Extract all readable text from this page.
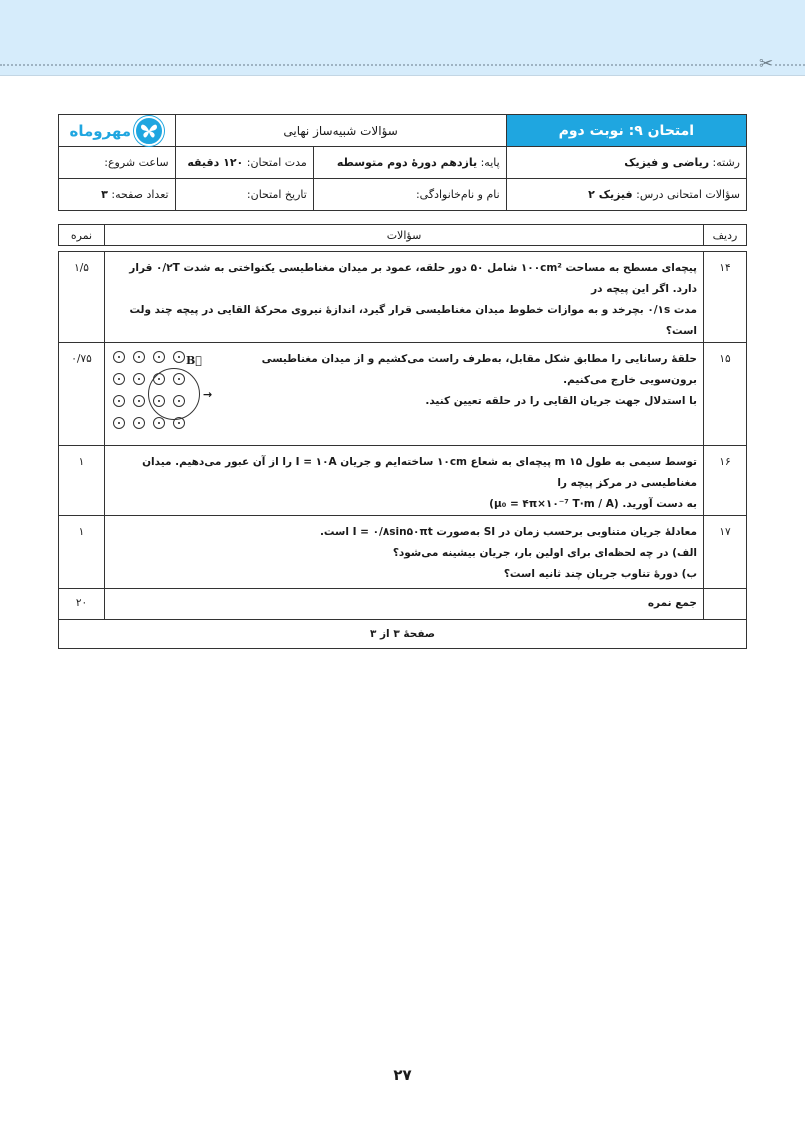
✂
امتحان ۹: نوبت دوم	سؤالات شبیه‌ساز نهایی		مهروماه

رشته: ریاضی و فیزیک	پایه: یازدهم دورهٔ دوم متوسطه	مدت امتحان: ۱۲۰ دقیقه	ساعت شروع:
سؤالات امتحانی درس: فیزیک ۲	نام و نام‌خانوادگی:	تاریخ امتحان:	تعداد صفحه: ۳
ردیف	سؤالات	نمره
۱۴	پیچه‌ای مسطح به مساحت ۱۰۰cm² شامل ۵۰ دور حلقه، عمود بر میدان مغناطیسی یکنواختی به شدت ۰/۲T قرار دارد. اگر این پیچه در
مدت ۰/۱s بچرخد و به موازات خطوط میدان مغناطیسی قرار گیرد، اندازهٔ نیروی محرکهٔ القایی در پیچه چند ولت است؟	۱/۵
۱۵	→
B⃗ حلقهٔ رسانایی را مطابق شکل مقابل، به‌طرف راست می‌کشیم و از میدان مغناطیسی برون‌سویی خارج می‌کنیم.
با استدلال جهت جریان القایی را در حلقه تعیین کنید.	۰/۷۵
۱۶	توسط سیمی به طول ۱۵ m پیچه‌ای به شعاع ۱۰cm ساخته‌ایم و جریان I = ۱۰A را از آن عبور می‌دهیم. میدان مغناطیسی در مرکز پیچه را
به دست آورید. (μ₀ = ۴π×۱۰⁻⁷ T·m / A)	۱
۱۷	معادلهٔ جریان متناوبی برحسب زمان در SI به‌صورت I = ۰/۸sin۵۰πt است.
الف) در چه لحظه‌ای برای اولین بار، جریان بیشینه می‌شود؟
ب) دورهٔ تناوب جریان چند ثانیه است؟	۱
	جمع نمره	۲۰
صفحهٔ ۳ از ۳		
۲۷
